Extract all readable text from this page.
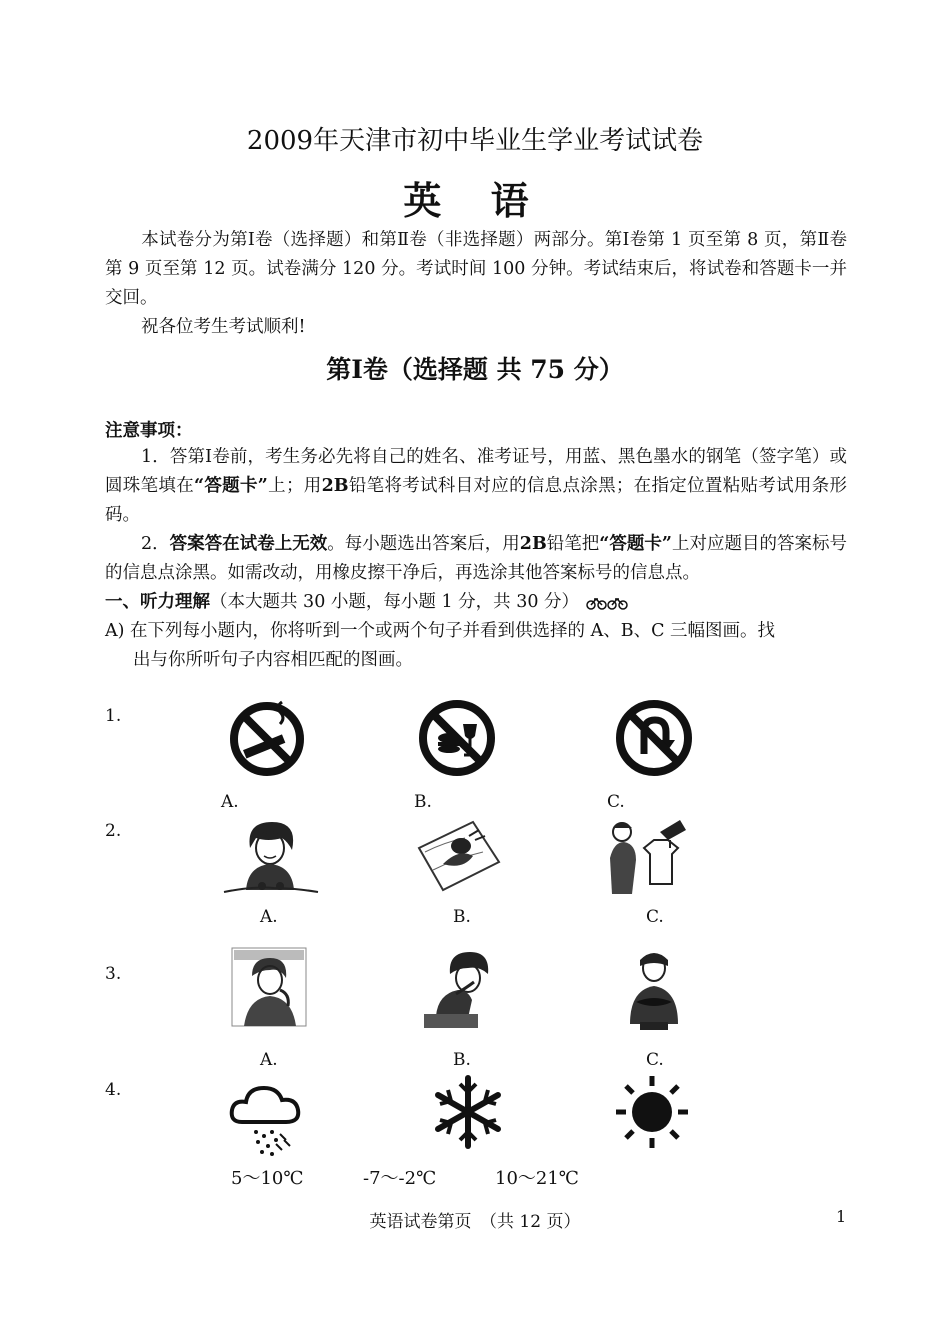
2009年天津市初中毕业生学业考试试卷
英 语
本试卷分为第Ⅰ卷（选择题）和第Ⅱ卷（非选择题）两部分。第Ⅰ卷第 1 页至第 8 页，第Ⅱ卷第 9 页至第 12 页。试卷满分 120 分。考试时间 100 分钟。考试结束后，将试卷和答题卡一并交回。
祝各位考生考试顺利!
第Ⅰ卷（选择题 共 75 分）
注意事项：
1．答第Ⅰ卷前，考生务必先将自己的姓名、准考证号，用蓝、黑色墨水的钢笔（签字笔）或圆珠笔填在“答题卡”上；用2B铅笔将考试科目对应的信息点涂黑；在指定位置粘贴考试用条形码。
2．答案答在试卷上无效。每小题选出答案后，用2B铅笔把“答题卡”上对应题目的答案标号的信息点涂黑。如需改动，用橡皮擦干净后，再选涂其他答案标号的信息点。
一、听力理解（本大题共 30 小题，每小题 1 分，共 30 分）
A) 在下列每小题内，你将听到一个或两个句子并看到供选择的 A、B、C 三幅图画。找
出与你所听句子内容相匹配的图画。
1.
A.	B.	C.
2.
A.	B.	C.
3.
A.	B.	C.
4.
5～10℃	-7～-2℃	10～21℃
英语试卷第页　（共 12 页）	1
